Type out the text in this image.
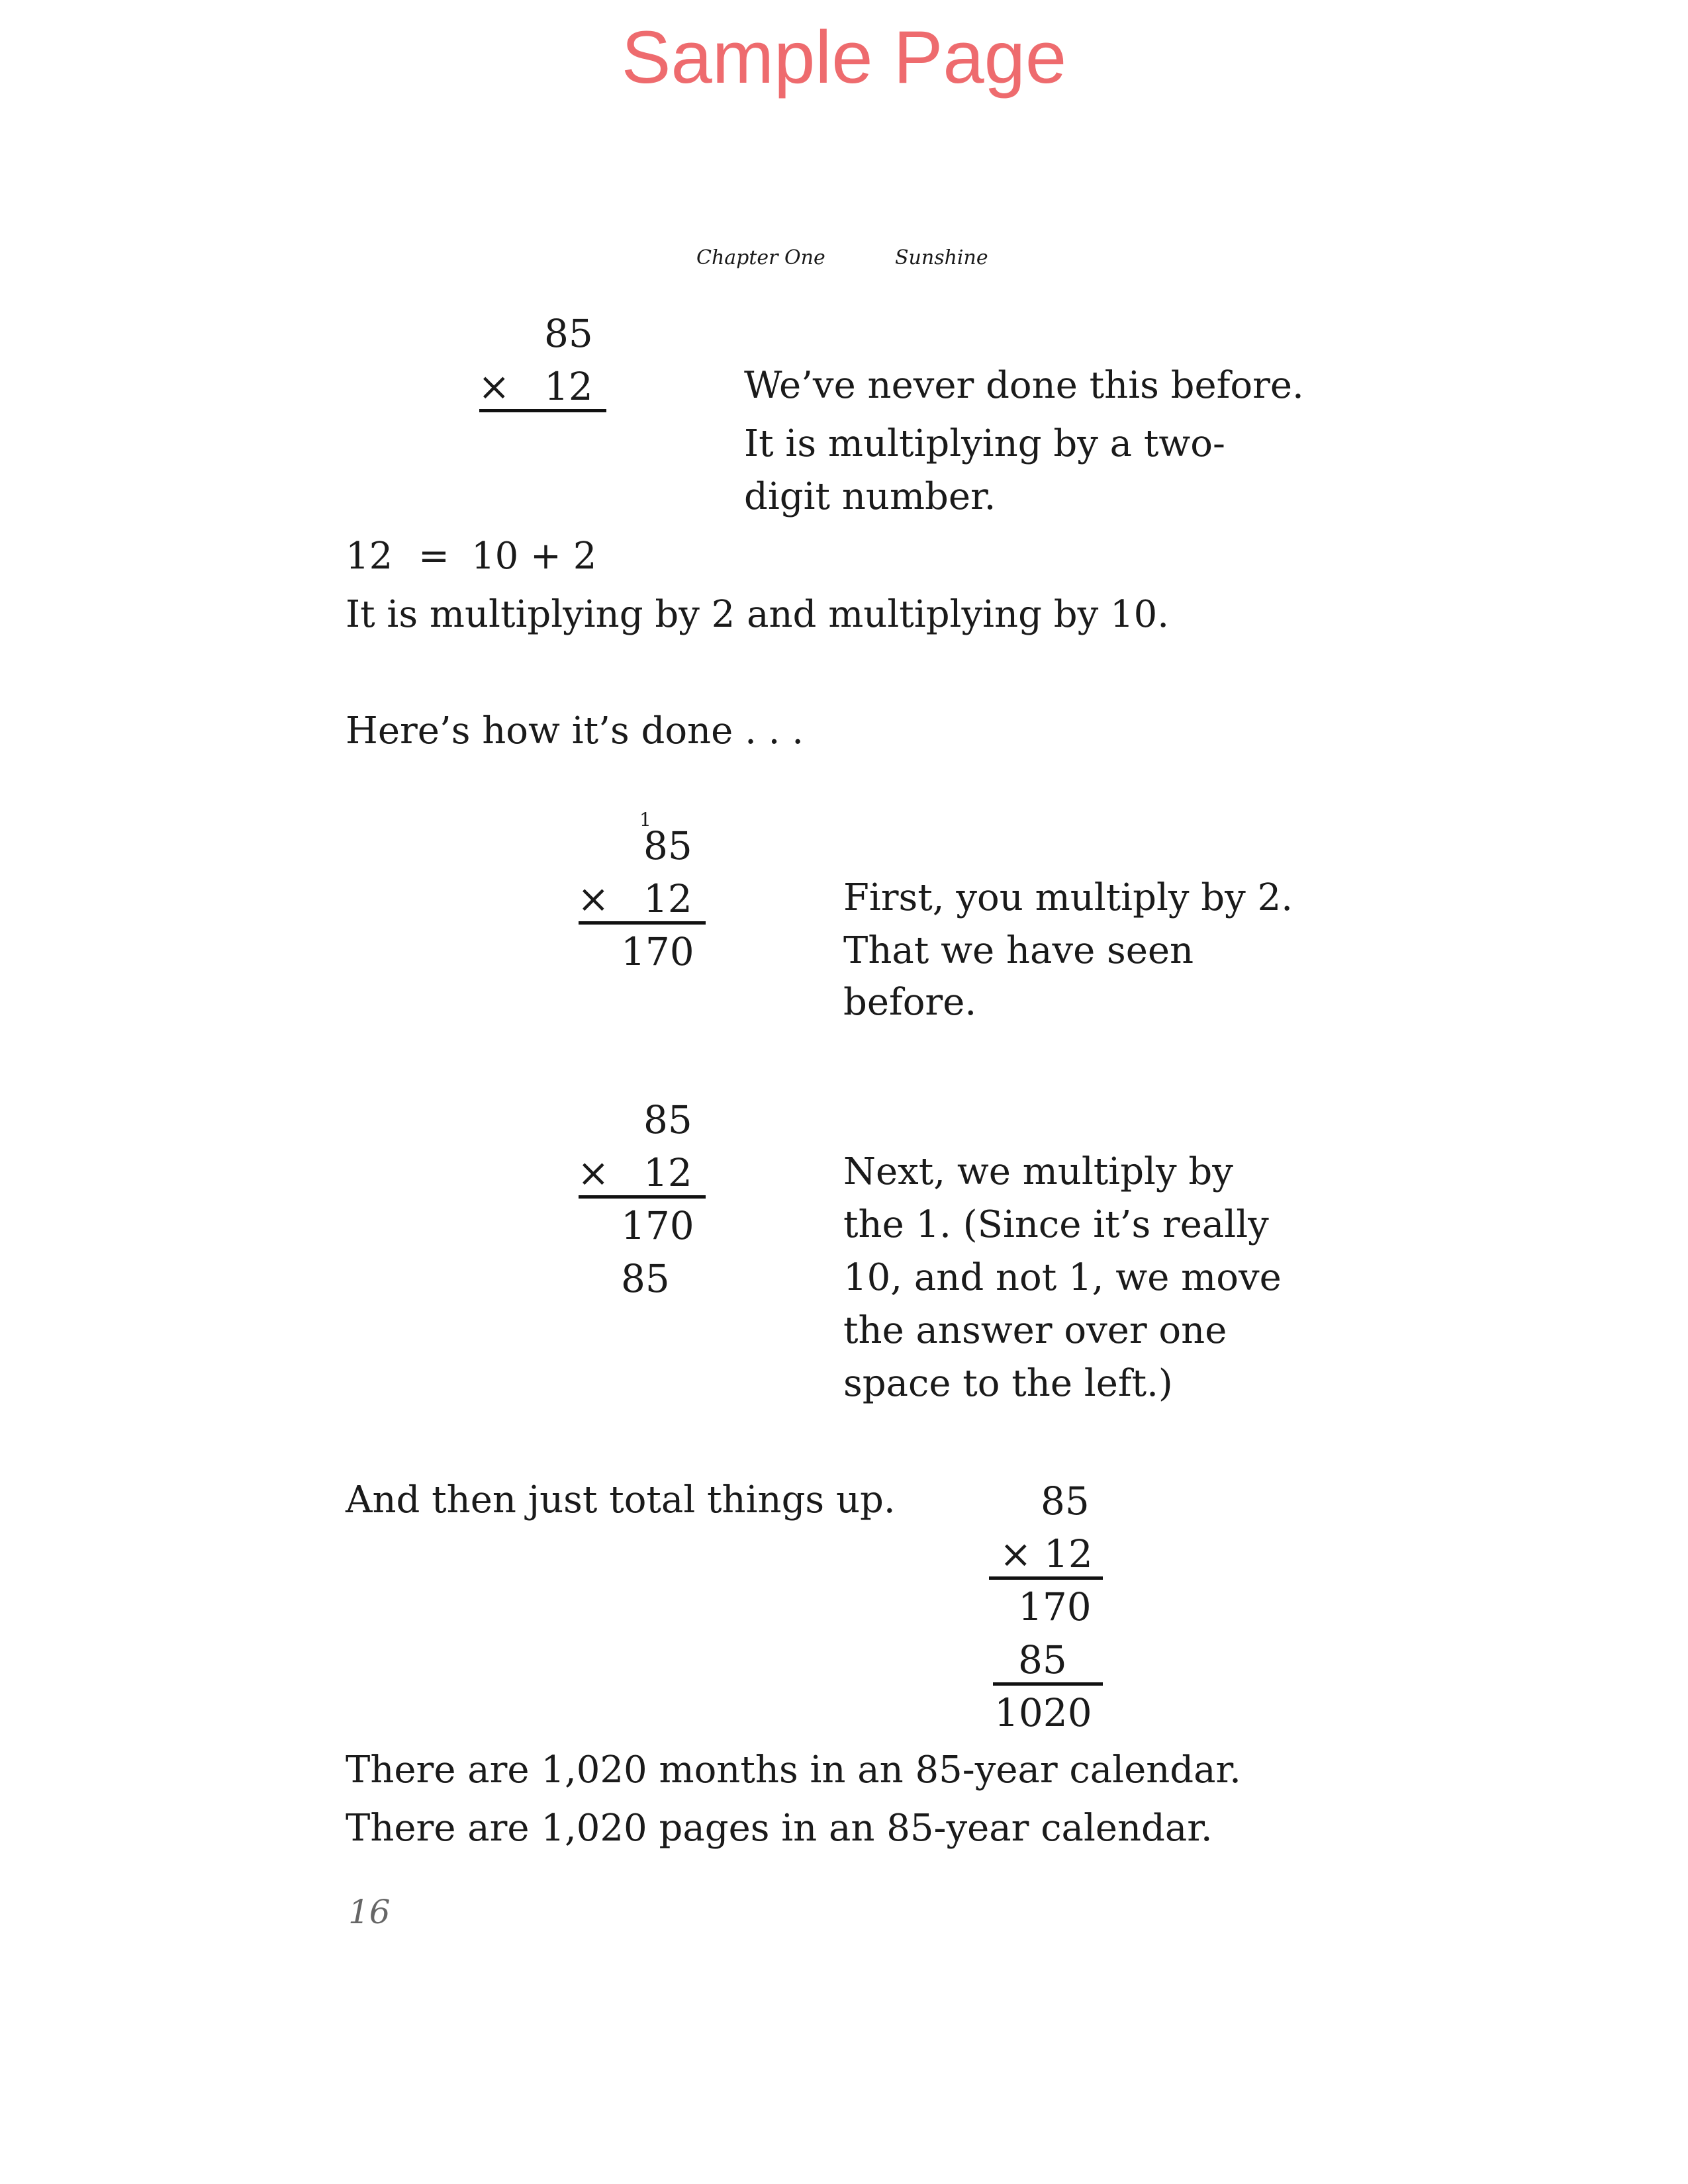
Sample Page
Chapter One	Sunshine
85
× 12	We’ve never done this before.
It is multiplying by a two-
digit number.
12 = 10 + 2
It is multiplying by 2 and multiplying by 10.
Here’s how it’s done . . .
1
85
× 12
170
First, you multiply by 2.
That we have seen
before.
85
× 12
170
85
Next, we multiply by
the 1. (Since it’s really
10, and not 1, we move
the answer over one
space to the left.)
And then just total things up.	85
× 12
170
85
1020
There are 1,020 months in an 85-year calendar.
There are 1,020 pages in an 85-year calendar.
16
